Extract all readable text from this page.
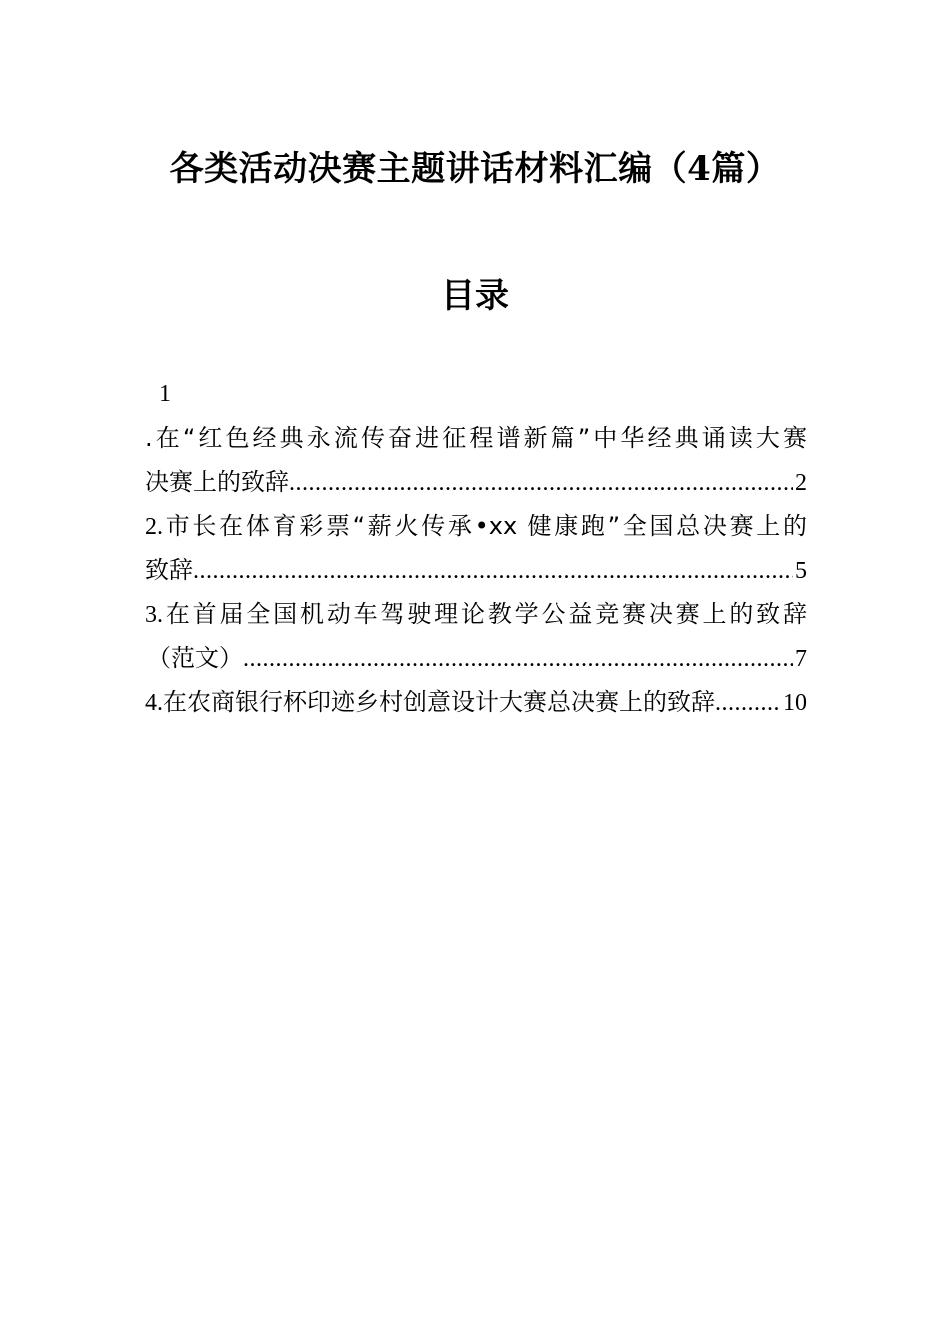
各类活动决赛主题讲话材料汇编（4篇）
目录
1
.在“红色经典永流传奋进征程谱新篇”中华经典诵读大赛
决赛上的致辞 .....	2
2.市长在体育彩票“薪火传承•xx 健康跑”全国总决赛上的
致辞 .....	5
3.在首届全国机动车驾驶理论教学公益竞赛决赛上的致辞
（范文） .....	7
4.在农商银行杯印迹乡村创意设计大赛总决赛上的致辞 .....	10
